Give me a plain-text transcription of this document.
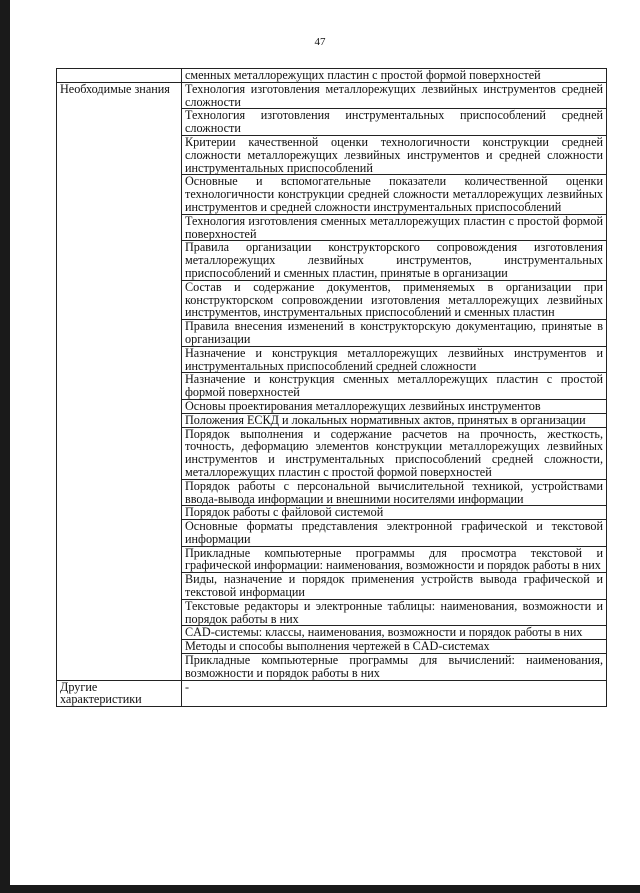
47
	сменных металлорежущих пластин с простой формой поверхностей
Необходимые знания	Технология изготовления металлорежущих лезвийных инструментов средней сложности
	Технология изготовления инструментальных приспособлений средней сложности
	Критерии качественной оценки технологичности конструкции средней сложности металлорежущих лезвийных инструментов и средней сложности инструментальных приспособлений
	Основные и вспомогательные показатели количественной оценки технологичности конструкции средней сложности металлорежущих лезвийных инструментов и средней сложности инструментальных приспособлений
	Технология изготовления сменных металлорежущих пластин с простой формой поверхностей
	Правила организации конструкторского сопровождения изготовления металлорежущих лезвийных инструментов, инструментальных приспособлений и сменных пластин, принятые в организации
	Состав и содержание документов, применяемых в организации при конструкторском сопровождении изготовления металлорежущих лезвийных инструментов, инструментальных приспособлений и сменных пластин
	Правила внесения изменений в конструкторскую документацию, принятые в организации
	Назначение и конструкция металлорежущих лезвийных инструментов и инструментальных приспособлений средней сложности
	Назначение и конструкция сменных металлорежущих пластин с простой формой поверхностей
	Основы проектирования металлорежущих лезвийных инструментов
	Положения ЕСКД и локальных нормативных актов, принятых в организации
	Порядок выполнения и содержание расчетов на прочность, жесткость, точность, деформацию элементов конструкции металлорежущих лезвийных инструментов и инструментальных приспособлений средней сложности, металлорежущих пластин с простой формой поверхностей
	Порядок работы с персональной вычислительной техникой, устройствами ввода-вывода информации и внешними носителями информации
	Порядок работы с файловой системой
	Основные форматы представления электронной графической и текстовой информации
	Прикладные компьютерные программы для просмотра текстовой и графической информации: наименования, возможности и порядок работы в них
	Виды, назначение и порядок применения устройств вывода графической и текстовой информации
	Текстовые редакторы и электронные таблицы: наименования, возможности и порядок работы в них
	CAD-системы: классы, наименования, возможности и порядок работы в них
	Методы и способы выполнения чертежей в CAD-системах
	Прикладные компьютерные программы для вычислений: наименования, возможности и порядок работы в них
Другие характеристики	-
